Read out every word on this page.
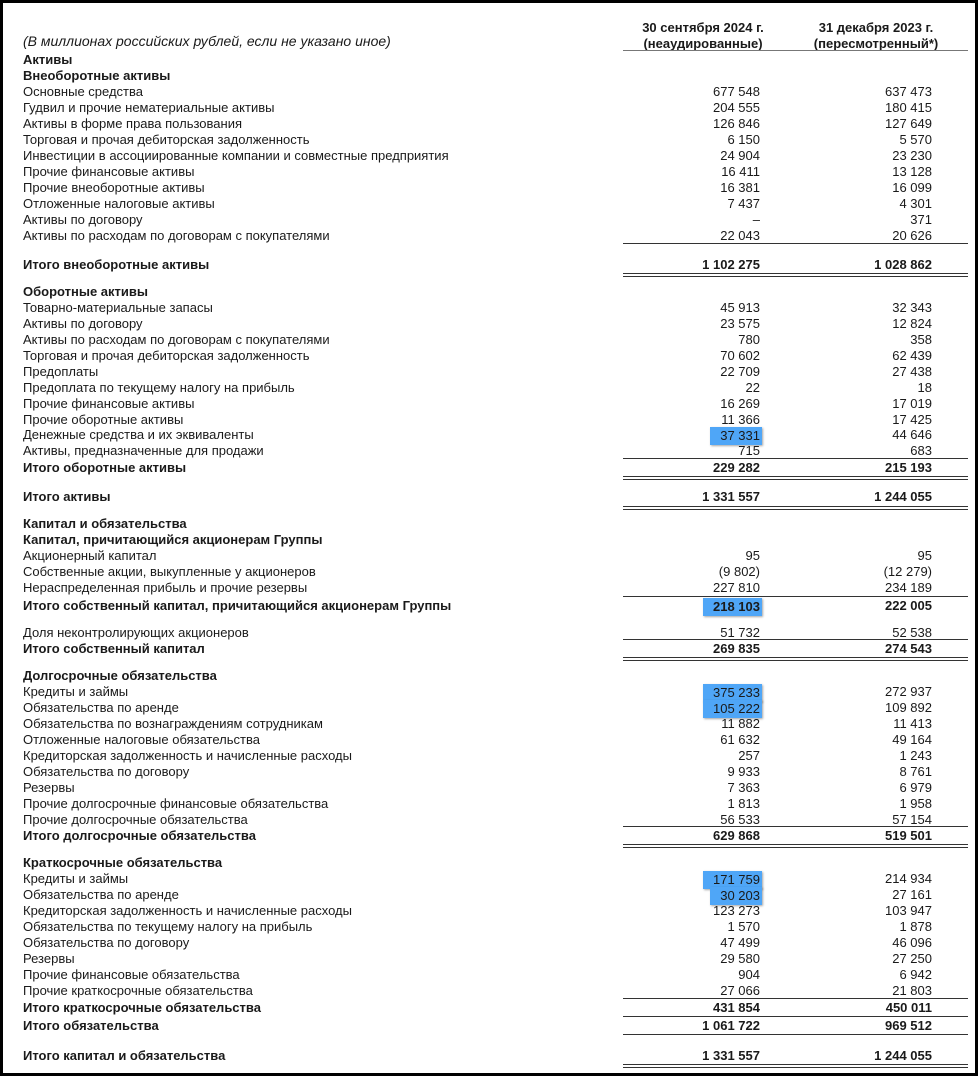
(В миллионах российских рублей, если не указано иное)
30 сентября 2024 г.
(неаудированные)
31 декабря 2023 г.
(пересмотренный*)
Активы
Внеоборотные активы
Основные средства	677 548	637 473
Гудвил и прочие нематериальные активы	204 555	180 415
Активы в форме права пользования	126 846	127 649
Торговая и прочая дебиторская задолженность	6 150	5 570
Инвестиции в ассоциированные компании и совместные предприятия	24 904	23 230
Прочие финансовые активы	16 411	13 128
Прочие внеоборотные активы	16 381	16 099
Отложенные налоговые активы	7 437	4 301
Активы по договору	–	371
Активы по расходам по договорам с покупателями	22 043	20 626
Итого внеоборотные активы	1 102 275	1 028 862
Оборотные активы
Товарно-материальные запасы	45 913	32 343
Активы по договору	23 575	12 824
Активы по расходам по договорам с покупателями	780	358
Торговая и прочая дебиторская задолженность	70 602	62 439
Предоплаты	22 709	27 438
Предоплата по текущему налогу на прибыль	22	18
Прочие финансовые активы	16 269	17 019
Прочие оборотные активы	11 366	17 425
Денежные средства и их эквиваленты	37 331	44 646
Активы, предназначенные для продажи	715	683
Итого оборотные активы	229 282	215 193
Итого активы	1 331 557	1 244 055
Капитал и обязательства
Капитал, причитающийся акционерам Группы
Акционерный капитал	95	95
Собственные акции, выкупленные у акционеров	(9 802)	(12 279)
Нераспределенная прибыль и прочие резервы	227 810	234 189
Итого собственный капитал, причитающийся акционерам Группы	218 103	222 005
Доля неконтролирующих акционеров	51 732	52 538
Итого собственный капитал	269 835	274 543
Долгосрочные обязательства
Кредиты и займы	375 233	272 937
Обязательства по аренде	105 222	109 892
Обязательства по вознаграждениям сотрудникам	11 882	11 413
Отложенные налоговые обязательства	61 632	49 164
Кредиторская задолженность и начисленные расходы	257	1 243
Обязательства по договору	9 933	8 761
Резервы	7 363	6 979
Прочие долгосрочные финансовые обязательства	1 813	1 958
Прочие долгосрочные обязательства	56 533	57 154
Итого долгосрочные обязательства	629 868	519 501
Краткосрочные обязательства
Кредиты и займы	171 759	214 934
Обязательства по аренде	30 203	27 161
Кредиторская задолженность и начисленные расходы	123 273	103 947
Обязательства по текущему налогу на прибыль	1 570	1 878
Обязательства по договору	47 499	46 096
Резервы	29 580	27 250
Прочие финансовые обязательства	904	6 942
Прочие краткосрочные обязательства	27 066	21 803
Итого краткосрочные обязательства	431 854	450 011
Итого обязательства	1 061 722	969 512
Итого капитал и обязательства	1 331 557	1 244 055
